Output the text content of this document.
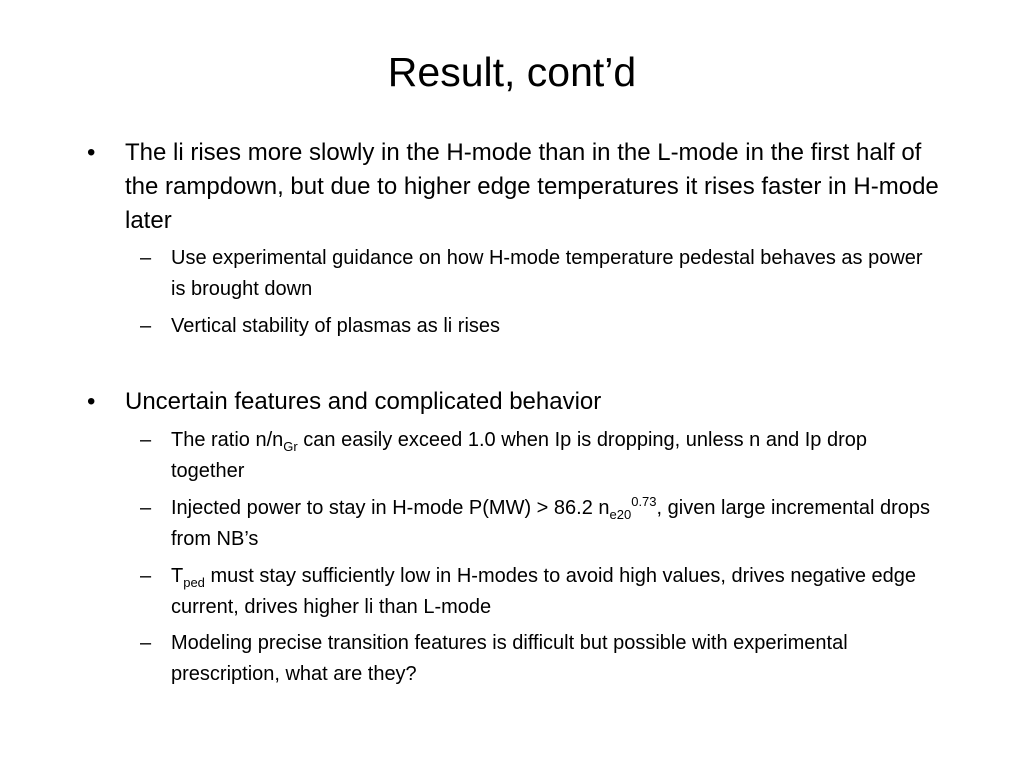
Result, cont’d
•	The li rises more slowly in the H-mode than in the L-mode in the first half of the rampdown, but due to higher edge temperatures it rises faster in H-mode later
– Use experimental guidance on how H-mode temperature pedestal behaves as power is brought down
– Vertical stability of plasmas as li rises
•	Uncertain features and complicated behavior
– The ratio $n/n_{Gr}$ can easily exceed 1.0 when Ip is dropping, unless n and Ip drop together
– Injected power to stay in H-mode P(MW) > 86.2 $n_{e20}^{0.73}$, given large incremental drops from NB’s
– $T_{ped}$ must stay sufficiently low in H-modes to avoid high values, drives negative edge current, drives higher li than L-mode
– Modeling precise transition features is difficult but possible with experimental prescription, what are they?
